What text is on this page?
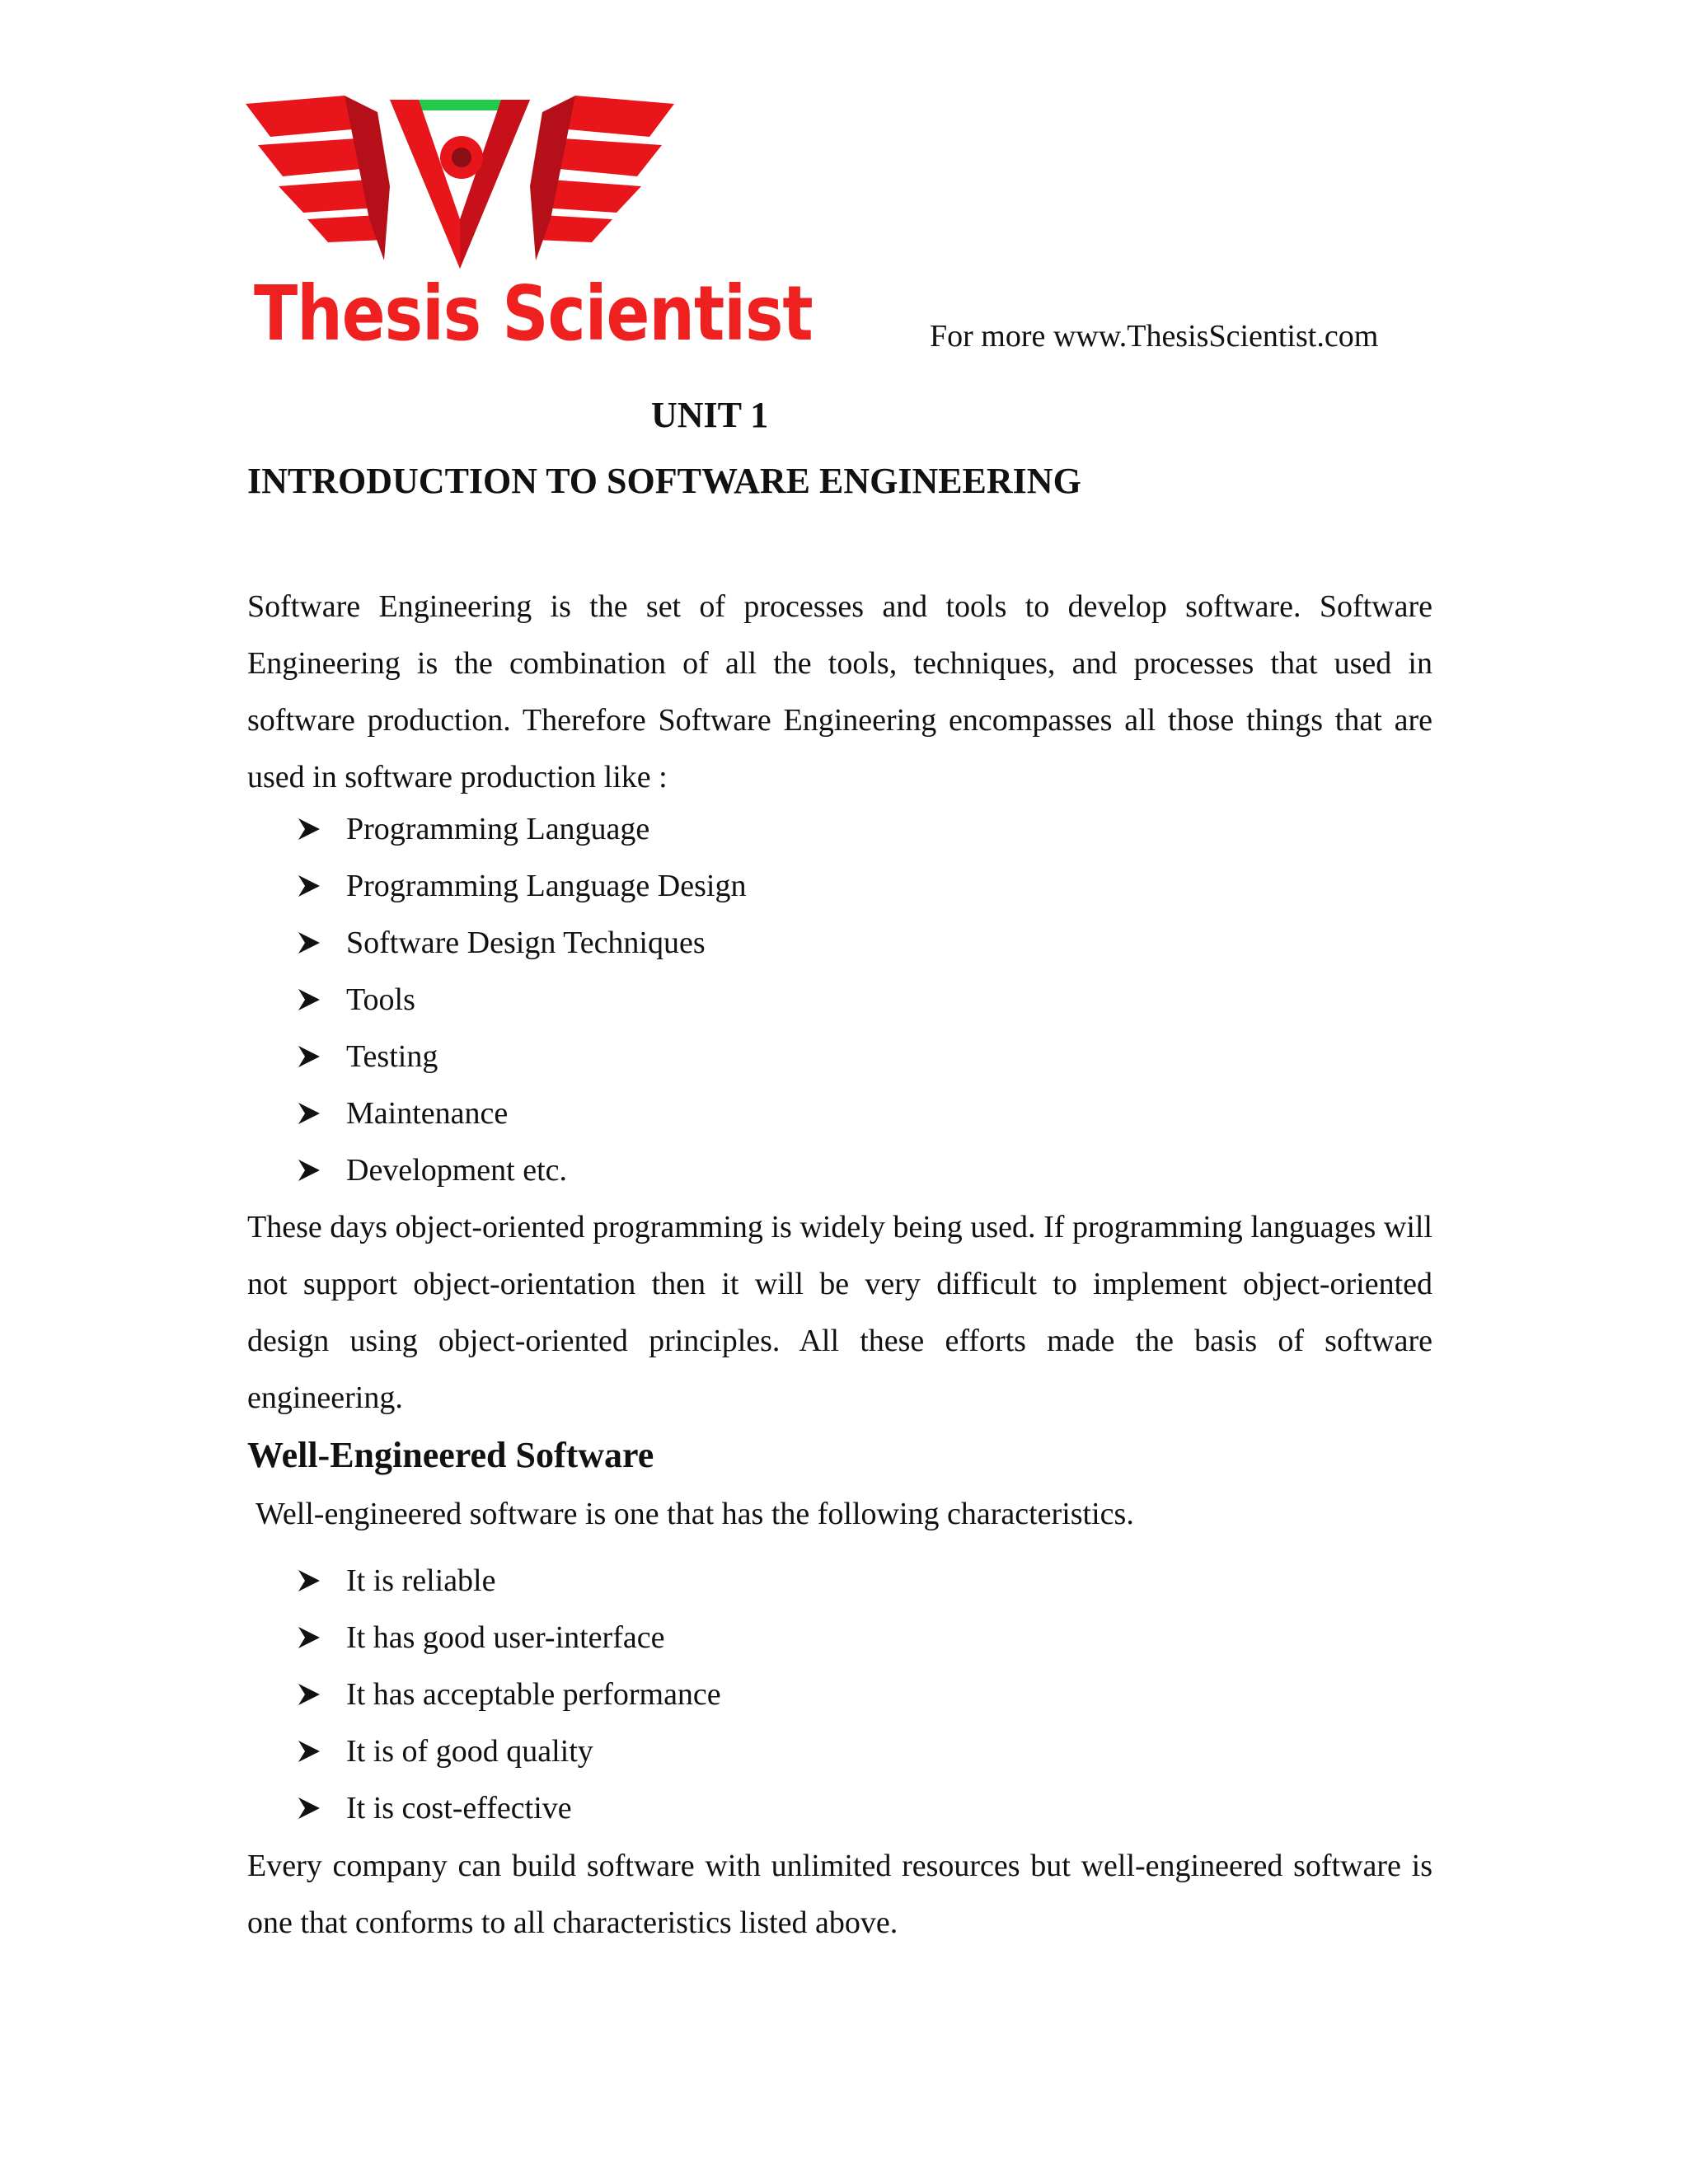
Thesis Scientist	For more www.ThesisScientist.com
UNIT 1
INTRODUCTION TO SOFTWARE ENGINEERING

Software Engineering is the set of processes and tools to develop software. Software Engineering is the combination of all the tools, techniques, and processes that used in software production. Therefore Software Engineering encompasses all those things that are used in software production like :

Programming Language
Programming Language Design
Software Design Techniques
Tools
Testing
Maintenance
Development etc.

These days object-oriented programming is widely being used. If programming languages will not support object-orientation then it will be very difficult to implement object-oriented design using object-oriented principles. All these efforts made the basis of software engineering.

Well-Engineered Software
Well-engineered software is one that has the following characteristics.
It is reliable
It has good user-interface
It has acceptable performance
It is of good quality
It is cost-effective

Every company can build software with unlimited resources but well-engineered software is one that conforms to all characteristics listed above.
